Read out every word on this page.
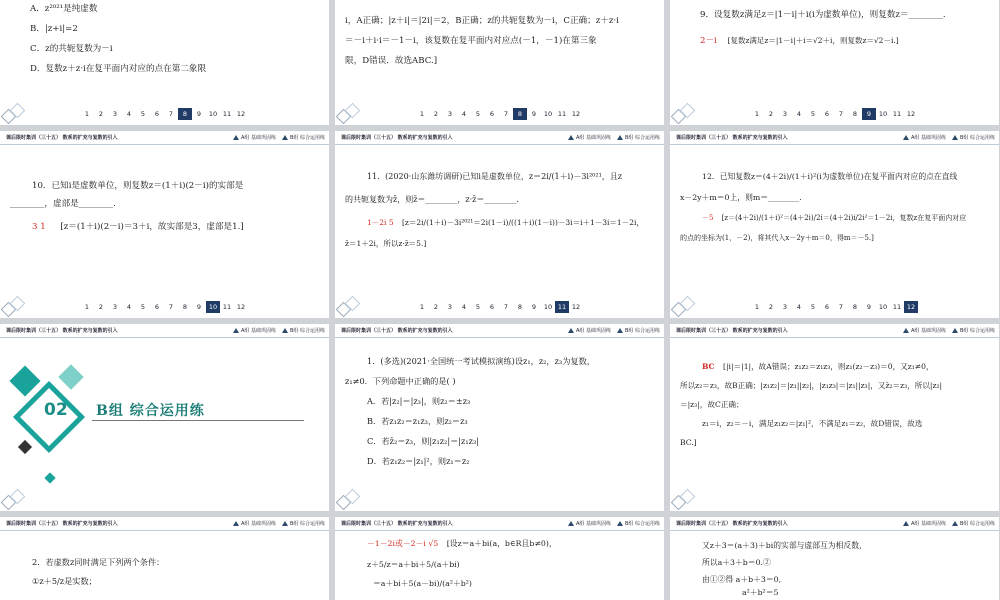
A．z²⁰²¹是纯虚数

B．|z+i|=2

C．z的共轭复数为－i

D．复数z＋z·i在复平面内对应的点在第二象限

1	2	3	4	5	6	7	8	9	10 11 12

i，A正确；|z＋i|＝|2i|＝2，B正确；z的共轭复数为－i，C正确；z＋z·i

＝－i＋i·i＝－1－i，该复数在复平面内对应点(－1，－1)在第三象

限，D错误．故选ABC.]

1	2	3	4	5	6	7	8	9	10 11 12

9．设复数z满足z＝|1－i|＋i(i为虚数单位)，则复数z＝________.

2－i [复数z满足z＝|1－i|＋i＝√2＋i，则复数z＝√2－i.]

1	2	3	4	5	6	7	8	9	10 11 12
课后限时集训（三十五） 数系的扩充与复数的引入	A组 基础巩固练	B组 综合运用练

10．已知i是虚数单位，则复数z＝(1＋i)(2－i)的实部是

________，虚部是________.

3 1 [z＝(1＋i)(2－i)＝3＋i，故实部是3，虚部是1.]

1	2	3	4	5	6	7	8	9	10 11 12
课后限时集训（三十五） 数系的扩充与复数的引入	A组 基础巩固练	B组 综合运用练

11．(2020·山东潍坊调研)已知i是虚数单位，z＝2i/(1＋i)－3i²⁰²¹，且z

的共轭复数为z̄，则z̄＝________，z·z̄＝________.

1－2i 5 [z＝2i/(1＋i)－3i²⁰²¹＝2i(1－i)/((1＋i)(1－i))－3i＝i＋1－3i＝1－2i，

z̄＝1＋2i，所以z·z̄＝5.]

1	2	3	4	5	6	7	8	9	10 11 12
课后限时集训（三十五） 数系的扩充与复数的引入	A组 基础巩固练	B组 综合运用练

12．已知复数z＝(4＋2i)/(1＋i)²(i为虚数单位)在复平面内对应的点在直线

x－2y＋m＝0上，则m＝________.

－5 [z＝(4＋2i)/(1＋i)²＝(4＋2i)/2i＝(4＋2i)i/2i²＝1－2i，复数z在复平面内对应

的点的坐标为(1，－2)，将其代入x－2y＋m＝0，得m＝－5.]

1	2	3	4	5	6	7	8	9	10 11 12
课后限时集训（三十五） 数系的扩充与复数的引入	A组 基础巩固练	B组 综合运用练
02 B组 综合运用练
课后限时集训（三十五） 数系的扩充与复数的引入	A组 基础巩固练	B组 综合运用练

1．(多选)(2021·全国统一考试模拟演练)设z₁，z₂，z₃为复数，

z₁≠0．下列命题中正确的是( )

A．若|z₂|＝|z₃|，则z₂＝±z₃

B．若z₁z₂＝z₁z₃，则z₂＝z₃

C．若z̄₂＝z₃，则|z₁z₂|＝|z₁z₃|

D．若z₁z₂＝|z₁|²，则z₁＝z₂

课后限时集训（三十五） 数系的扩充与复数的引入	A组 基础巩固练	B组 综合运用练

BC [|i|＝|1|，故A错误；z₁z₂＝z₁z₃，则z₁(z₂－z₃)＝0，又z₁≠0，

所以z₂＝z₃，故B正确；|z₁z₂|＝|z₁||z₂|，|z₁z₃|＝|z₁||z₃|，又z̄₂＝z₃，所以|z₂|

＝|z₃|，故C正确；

z₁＝i，z₂＝－i，满足z₁z₂＝|z₁|²，不满足z₁＝z₂，故D错误，故选

BC.]

课后限时集训（三十五） 数系的扩充与复数的引入	A组 基础巩固练	B组 综合运用练

2．若虚数z同时满足下列两个条件：

①z＋5/z是实数；

课后限时集训（三十五） 数系的扩充与复数的引入	A组 基础巩固练	B组 综合运用练

－1－2i或－2－i √5 [设z＝a＋bi(a，b∈R且b≠0)，

z＋5/z＝a＋bi＋5/(a＋bi)

＝a＋bi＋5(a－bi)/(a²＋b²)

课后限时集训（三十五） 数系的扩充与复数的引入	A组 基础巩固练	B组 综合运用练

又z＋3＝(a＋3)＋bi的实部与虚部互为相反数，

所以a＋3＋b＝0.②

由①②得 a＋b＋3＝0,

a²＋b²＝5
